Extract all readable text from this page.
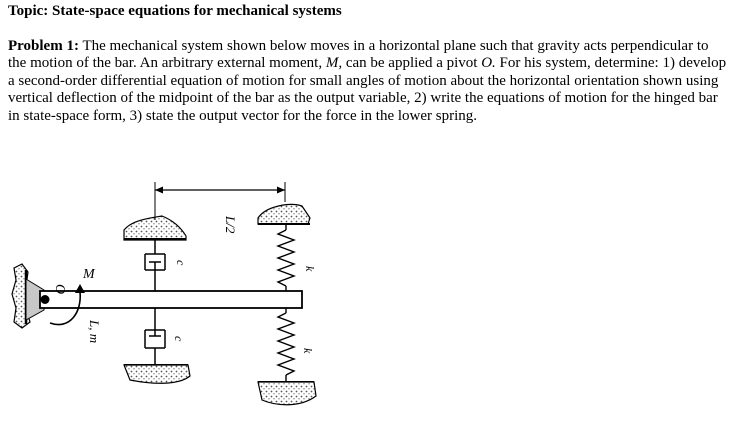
Topic: State-space equations for mechanical systems
Problem 1: The mechanical system shown below moves in a horizontal plane such that gravity acts perpendicular to the motion of the bar. An arbitrary external moment, M, can be applied a pivot O. For his system, determine: 1) develop a second-order differential equation of motion for small angles of motion about the horizontal orientation shown using vertical deflection of the midpoint of the bar as the output variable, 2) write the equations of motion for the hinged bar in state-space form, 3) state the output vector for the force in the lower spring.
O
M
L, m
c
c
L/2
k
k
